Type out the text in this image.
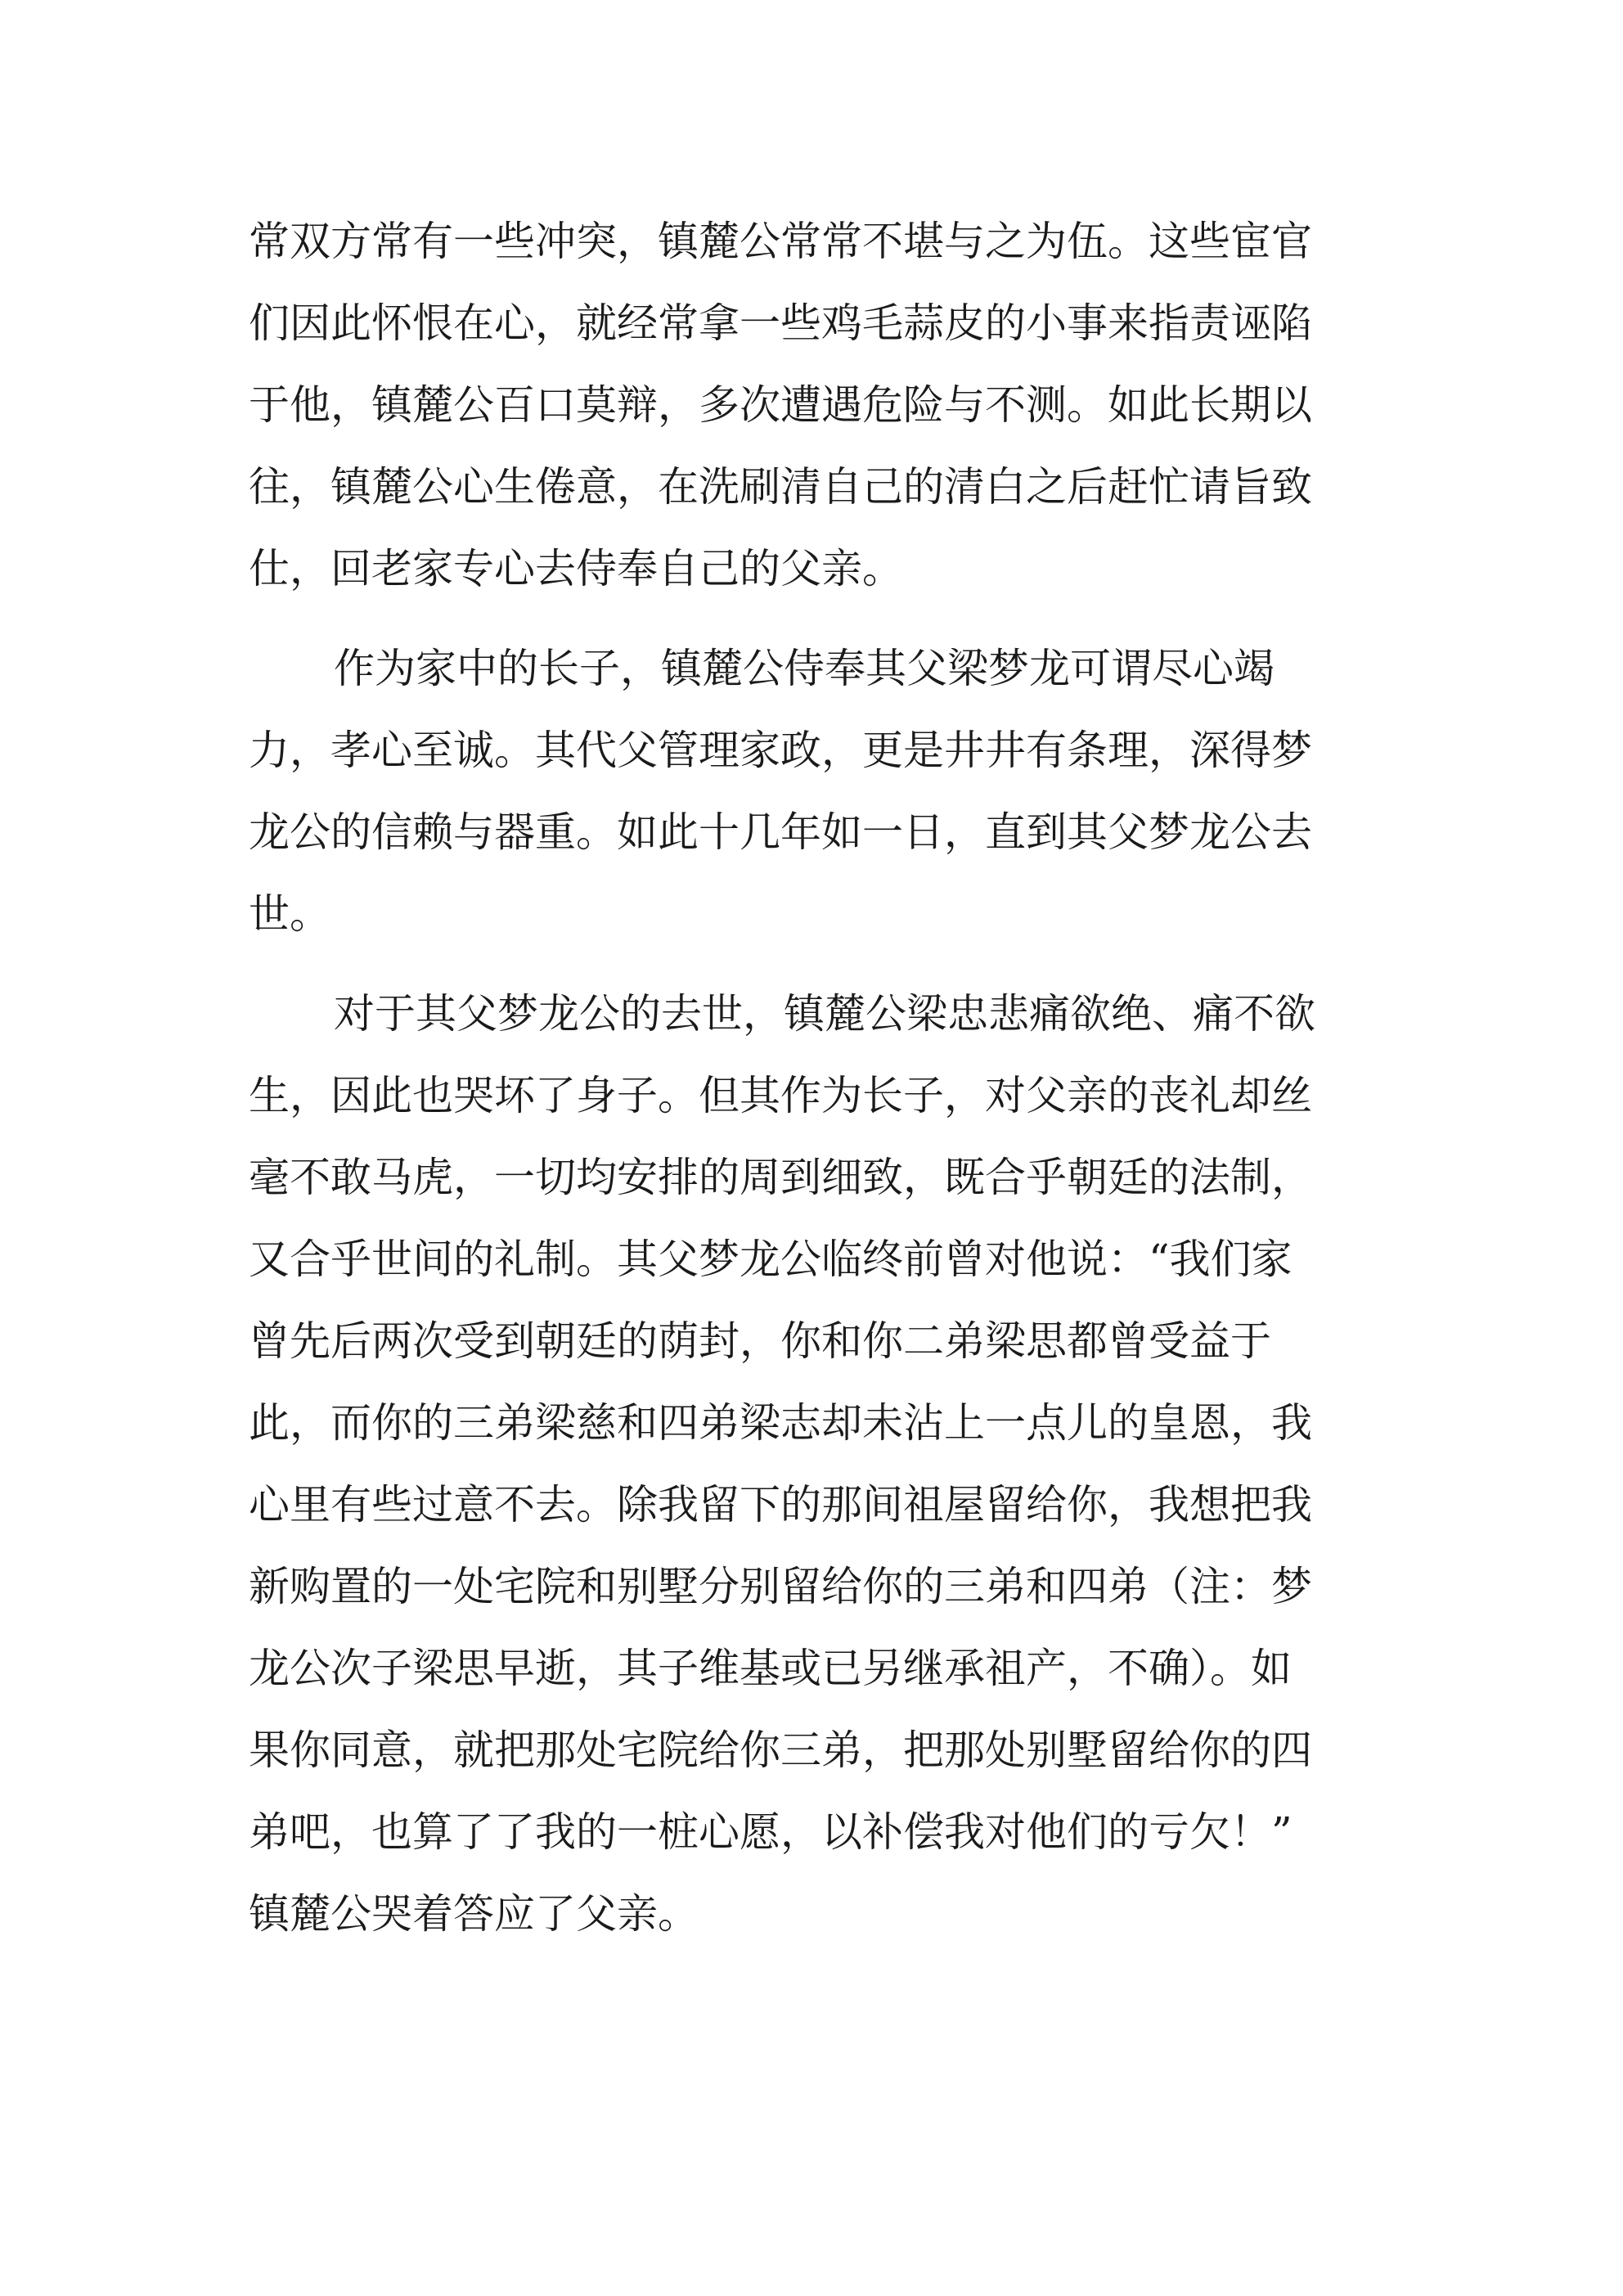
常双方常有一些冲突，镇麓公常常不堪与之为伍。这些宦官
们因此怀恨在心，就经常拿一些鸡毛蒜皮的小事来指责诬陷
于他，镇麓公百口莫辩，多次遭遇危险与不测。如此长期以
往，镇麓公心生倦意，在洗刷清自己的清白之后赶忙请旨致
仕，回老家专心去侍奉自己的父亲。
作为家中的长子，镇麓公侍奉其父梁梦龙可谓尽心竭
力，孝心至诚。其代父管理家政，更是井井有条理，深得梦
龙公的信赖与器重。如此十几年如一日，直到其父梦龙公去
世。
对于其父梦龙公的去世，镇麓公梁忠悲痛欲绝、痛不欲
生，因此也哭坏了身子。但其作为长子，对父亲的丧礼却丝
毫不敢马虎，一切均安排的周到细致，既合乎朝廷的法制，
又合乎世间的礼制。其父梦龙公临终前曾对他说：“我们家
曾先后两次受到朝廷的荫封，你和你二弟梁思都曾受益于
此，而你的三弟梁慈和四弟梁志却未沾上一点儿的皇恩，我
心里有些过意不去。除我留下的那间祖屋留给你，我想把我
新购置的一处宅院和别墅分别留给你的三弟和四弟（注：梦
龙公次子梁思早逝，其子维基或已另继承祖产，不确）。如
果你同意，就把那处宅院给你三弟，把那处别墅留给你的四
弟吧，也算了了我的一桩心愿，以补偿我对他们的亏欠！”
镇麓公哭着答应了父亲。
